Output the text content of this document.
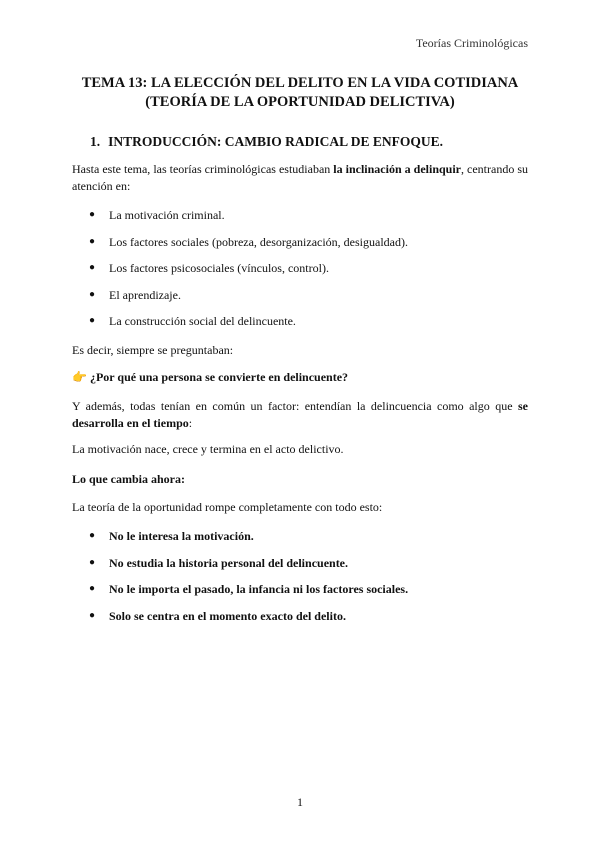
Teorías Criminológicas
TEMA 13: LA ELECCIÓN DEL DELITO EN LA VIDA COTIDIANA
(TEORÍA DE LA OPORTUNIDAD DELICTIVA)
1. INTRODUCCIÓN: CAMBIO RADICAL DE ENFOQUE.

Hasta este tema, las teorías criminológicas estudiaban la inclinación a delinquir, centrando su atención en:

● La motivación criminal.
● Los factores sociales (pobreza, desorganización, desigualdad).
● Los factores psicosociales (vínculos, control).
● El aprendizaje.
● La construcción social del delincuente.

Es decir, siempre se preguntaban:

👉 ¿Por qué una persona se convierte en delincuente?

Y además, todas tenían en común un factor: entendían la delincuencia como algo que se desarrolla en el tiempo:

La motivación nace, crece y termina en el acto delictivo.

Lo que cambia ahora:

La teoría de la oportunidad rompe completamente con todo esto:

● No le interesa la motivación.
● No estudia la historia personal del delincuente.
● No le importa el pasado, la infancia ni los factores sociales.
● Solo se centra en el momento exacto del delito.
1
